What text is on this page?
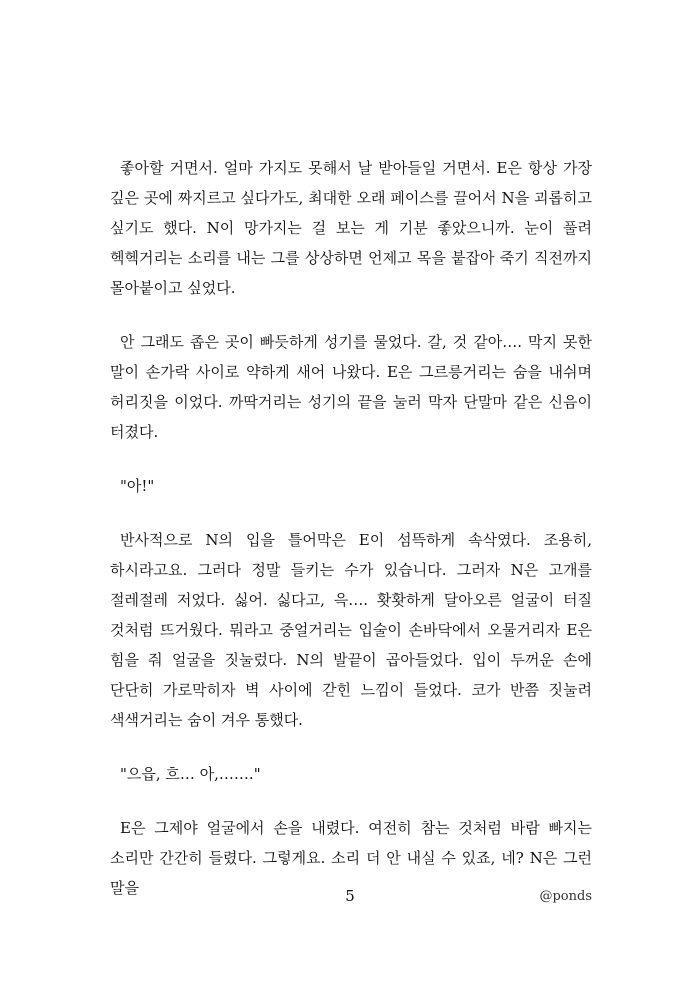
좋아할 거면서. 얼마 가지도 못해서 날 받아들일 거면서. E은 항상 가장 깊은 곳에 짜지르고 싶다가도, 최대한 오래 페이스를 끌어서 N을 괴롭히고 싶기도 했다. N이 망가지는 걸 보는 게 기분 좋았으니까. 눈이 풀려 헥헥거리는 소리를 내는 그를 상상하면 언제고 목을 붙잡아 죽기 직전까지 몰아붙이고 싶었다.

안 그래도 좁은 곳이 빠듯하게 성기를 물었다. 갈, 것 같아…. 막지 못한 말이 손가락 사이로 약하게 새어 나왔다. E은 그르릉거리는 숨을 내쉬며 허리짓을 이었다. 까딱거리는 성기의 끝을 눌러 막자 단말마 같은 신음이 터졌다.

"아!"

반사적으로 N의 입을 틀어막은 E이 섬뜩하게 속삭였다. 조용히, 하시라고요. 그러다 정말 들키는 수가 있습니다. 그러자 N은 고개를 절레절레 저었다. 싫어. 싫다고, 윽…. 홧홧하게 달아오른 얼굴이 터질 것처럼 뜨거웠다. 뭐라고 중얼거리는 입술이 손바닥에서 오물거리자 E은 힘을 줘 얼굴을 짓눌렀다. N의 발끝이 곱아들었다. 입이 두꺼운 손에 단단히 가로막히자 벽 사이에 갇힌 느낌이 들었다. 코가 반쯤 짓눌려 색색거리는 숨이 겨우 통했다.

"으읍, 흐… 아,……."

E은 그제야 얼굴에서 손을 내렸다. 여전히 참는 것처럼 바람 빠지는 소리만 간간히 들렸다. 그렇게요. 소리 더 안 내실 수 있죠, 네? N은 그런 말을	5	@ponds
